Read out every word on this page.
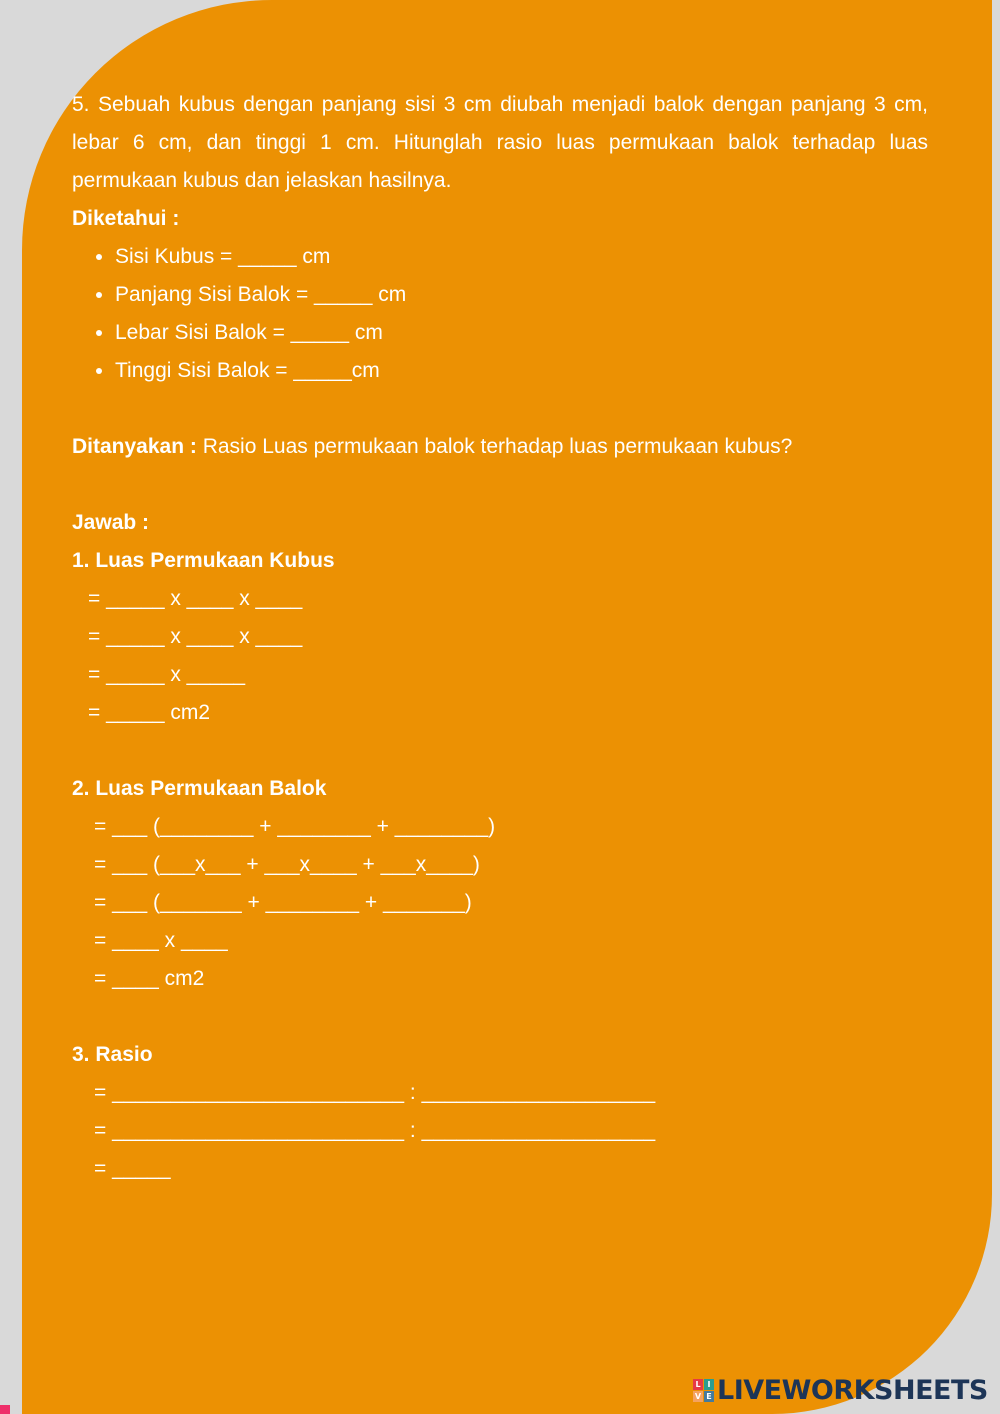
5. Sebuah kubus dengan panjang sisi 3 cm diubah menjadi balok dengan panjang 3 cm, lebar 6 cm, dan tinggi 1 cm. Hitunglah rasio luas permukaan balok terhadap luas permukaan kubus dan jelaskan hasilnya.

Diketahui :
• Sisi Kubus = _____ cm
• Panjang Sisi Balok = _____ cm
• Lebar Sisi Balok = _____ cm
• Tinggi Sisi Balok = _____cm
Ditanyakan : Rasio Luas permukaan balok terhadap luas permukaan kubus?
Jawab :
1. Luas Permukaan Kubus
= _____ x ____ x ____
= _____ x ____ x ____
= _____ x _____
= _____ cm2
2. Luas Permukaan Balok
= ___ (________ + ________ + ________)
= ___ (___x___ + ___x____ + ___x____)
= ___ (_______ + ________ + _______)
= ____ x ____
= ____ cm2
3. Rasio
= _________________________ : ____________________
= _________________________ : ____________________
= _____
L I
V E LIVEWORKSHEETS
